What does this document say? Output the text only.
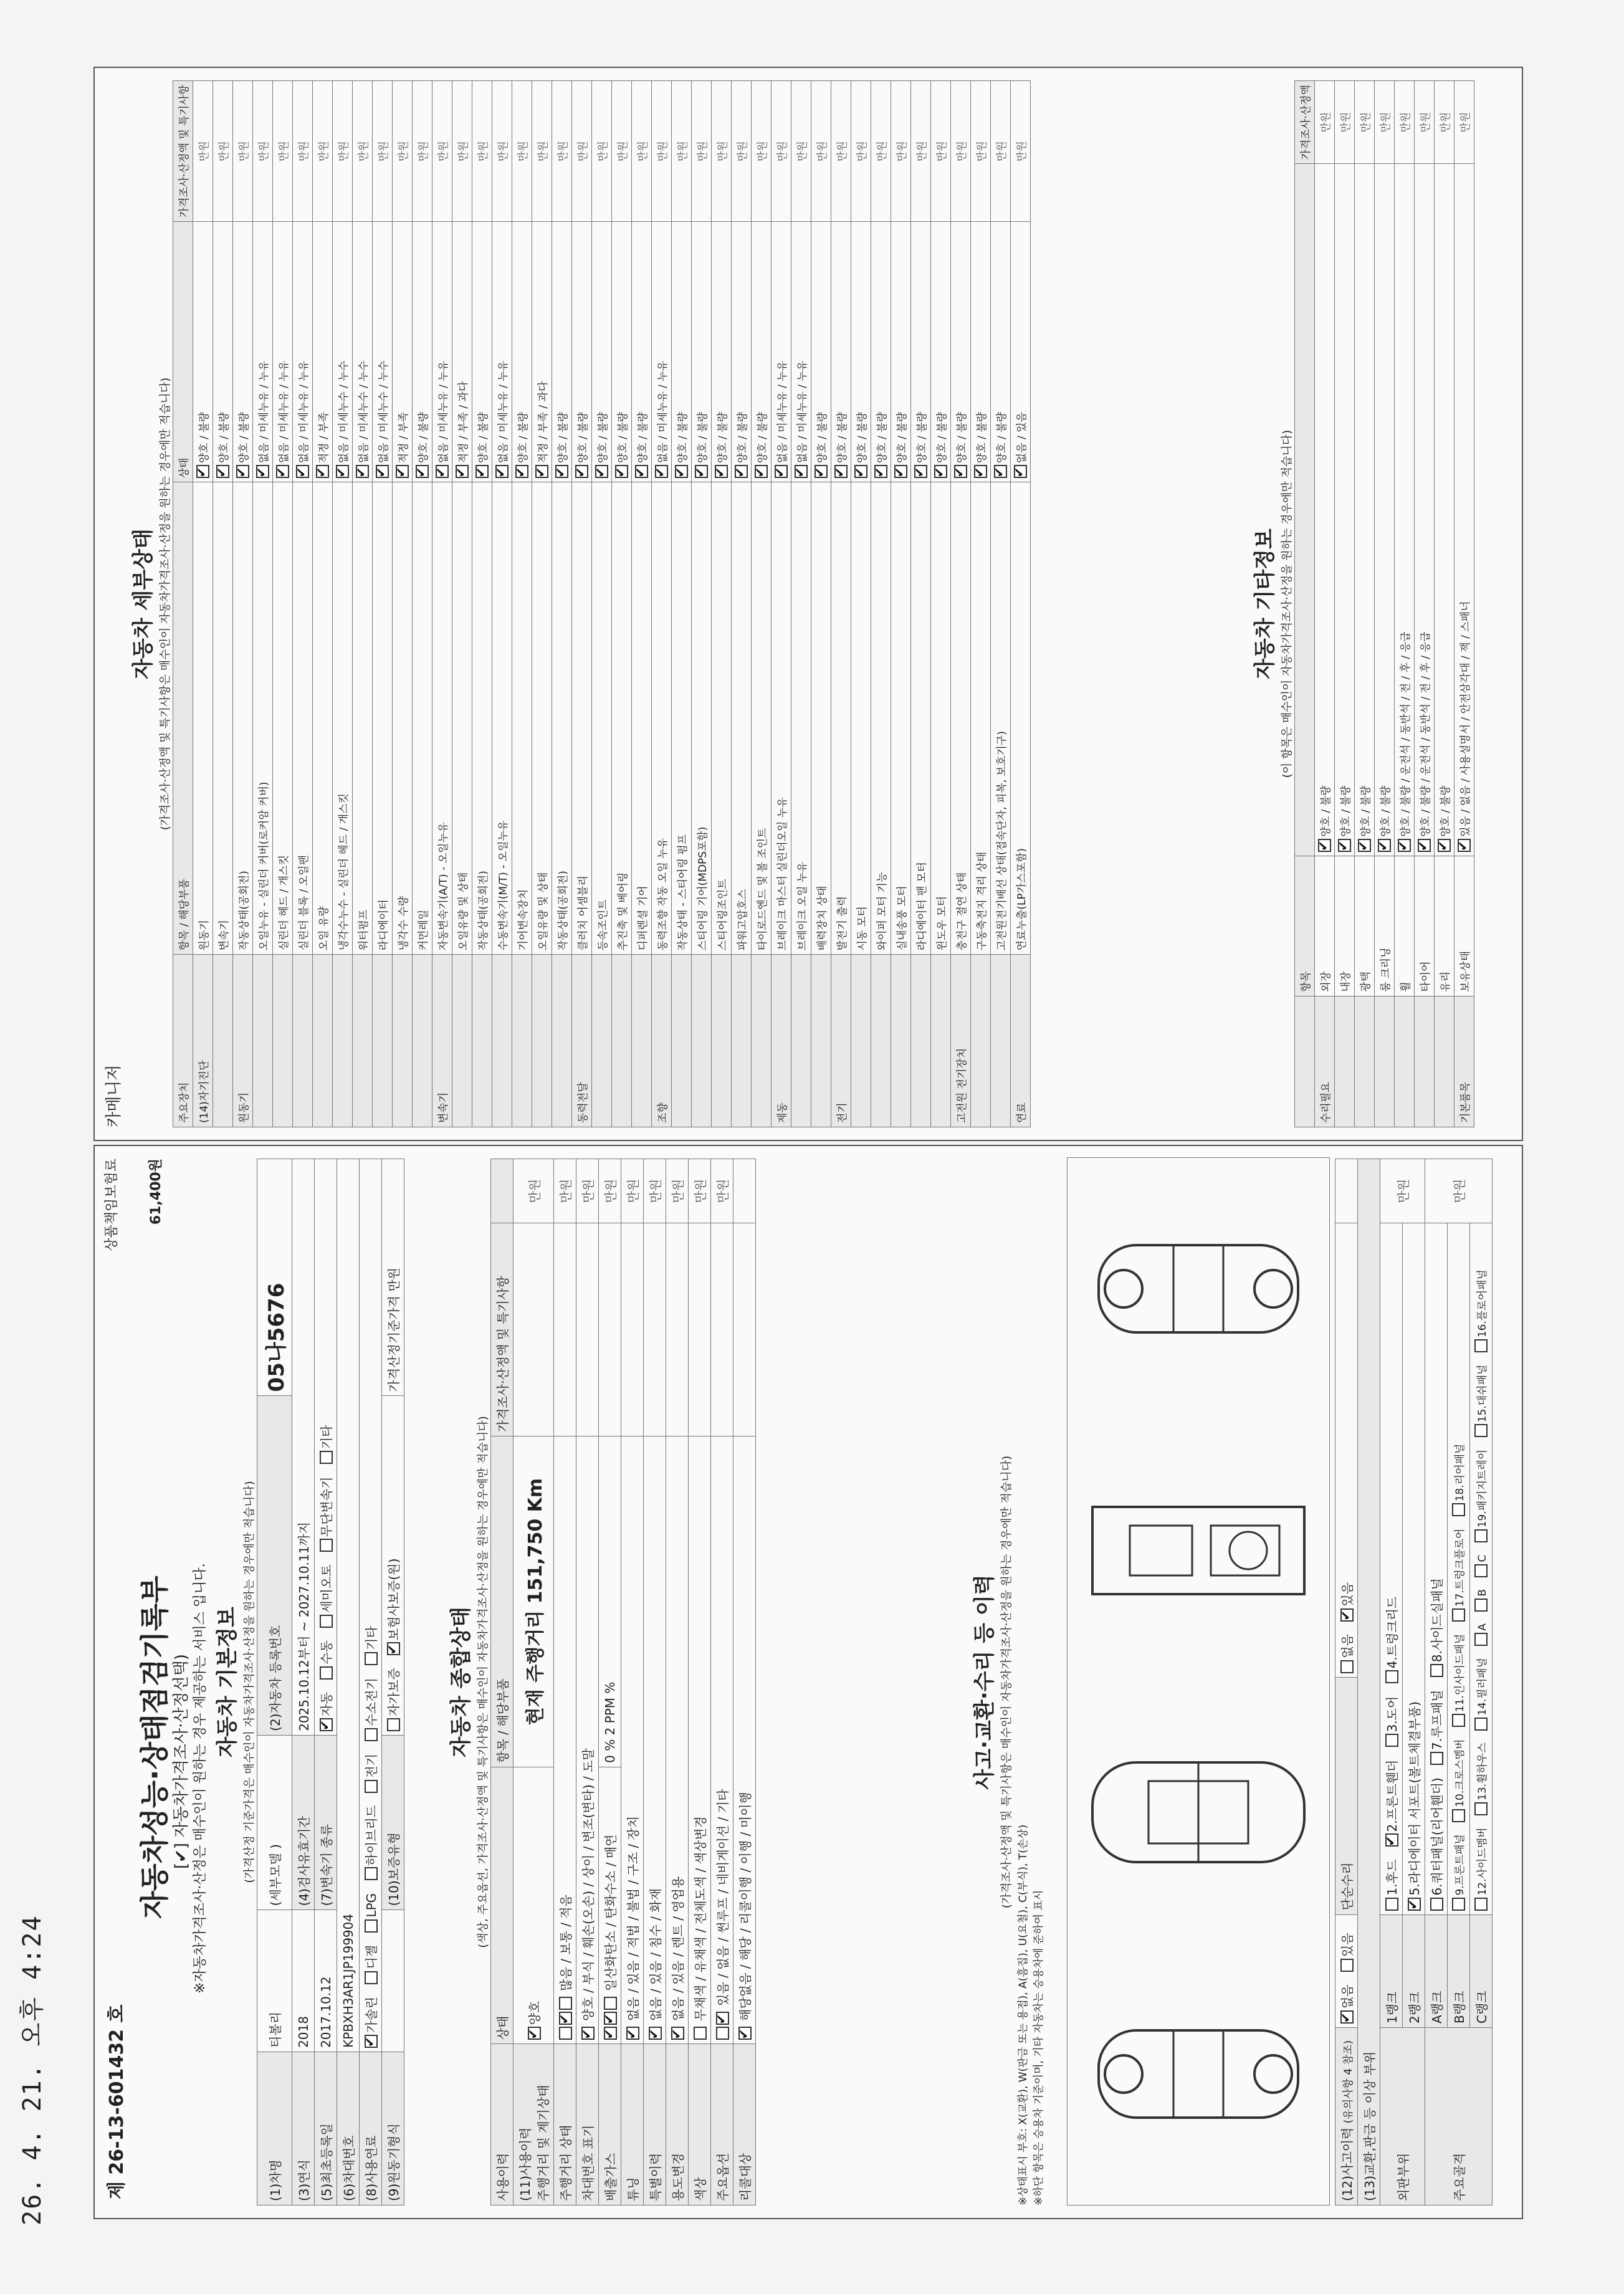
26. 4. 21. 오후 4:24	제 26-13-601432 호
자동차성능·상태점검기록부 [✔] 자동차가격조사·산정선택) ※자동차가격조사·산정은 매수인이 원하는 경우 제공하는 서비스 입니다.
상품책임보험료 61,400원
자동차 기본정보 (가격산정 기준가격은 매수인이 자동차가격조사·산정을 원하는 경우에만 적습니다)
(1)차명	티볼리	(세부모델 )	(2)자동차 등록번호	05나5676
(3)연식	2018	(4)검사유효기간	2025.10.12부터 ~ 2027.10.11까지	
(5)최초등록일	2017.10.12	(7)변속기 종류	✔자동 수동 세미오토 무단변속기 기타
(6)차대번호	KPBXH3AR1JP199904			
(8)사용연료	✔가솔린 디젤 LPG 하이브리드 전기 수소전기 기타
(9)원동기형식		(10)보증유형	자가보증 ✔보험사보증(원)	가격산정기준가격 만원
자동차 종합상태 (색상, 주요옵션, 가격조사·산정액 및 특기사항은 매수인이 자동차가격조사·산정을 원하는 경우에만 적습니다)
사용이력	상태	항목 / 해당부품	가격조사·산정액 및 특기사항	
(11)사용이력 주행거리 및 계기상태	✔양호	현재 주행거리 151,750 Km		만원
주행거리 상태	✔ 많음 / 보통 / 적음			만원
차대번호 표기	✔ 양호 / 부식 / 훼손(오손) / 상이 / 변조(변타) / 도말			만원
배출가스	✔✔ 일산화탄소 / 탄화수소 / 매연	0 % 2 PPM %		만원
튜닝	✔ 없음 / 있음 / 적법 / 불법 / 구조 / 장치			만원
특별이력	✔ 없음 / 있음 / 침수 / 화재			만원
용도변경	✔ 없음 / 있음 / 렌트 / 영업용			만원
색상	무채색 / 유채색 / 전체도색 / 색상변경			만원
주요옵션	✔ 있음 / 없음 / 썬루프 / 네비게이션 / 기타			만원
리콜대상	✔ 해당없음 / 해당 / 리콜이행 / 이행 / 미이행		
사고·교환·수리 등 이력 (가격조사·산정액 및 특기사항은 매수인이 자동차가격조사·산정을 원하는 경우에만 적습니다)
※상태표시 부호: X(교환), W(판금 또는 용접), A(흠집), U(요철), C(부식), T(손상) ※하단 항목은 승용차 기준이며, 기타 자동차는 승용차에 준하여 표시	(12)사고이력 (유의사항 4 참조)	✔없음 있음	단순수리	없음 ✔있음	
(13)교환,판금 등 이상 부위				
외판부위	1랭크	1.후드 ✔2.프론트휀더 3.도어 4.트렁크리드		만원
	2랭크	✔5.라디에이터 서포트(볼트체결부품)
주요골격	A랭크	6.쿼터패널(리어휀더) 7.루프패널 8.사이드실패널		만원
	B랭크	9.프론트패널 10.크로스멤버 11.인사이드패널 17.트렁크플로어 18.리어패널		
	C랭크	12.사이드멤버 13.휠하우스 14.필러패널 A B C 19.패키지트레이 15.대쉬패널 16.플로어패널		
카메니저
자동차 세부상태 (가격조사·산정액 및 특기사항은 매수인이 자동차가격조사·산정을 원하는 경우에만 적습니다)
주요장치	항목 / 해당부품	상태	가격조사·산정액 및 특기사항
(14)자기진단	원동기	✔양호 / 불량	만원
	변속기	✔양호 / 불량	만원
원동기	작동상태(공회전)	✔양호 / 불량	만원
	오일누유 - 실린더 커버(로커암 커버)	✔없음 / 미세누유 / 누유	만원
	실린더 헤드 / 개스킷	✔없음 / 미세누유 / 누유	만원
	실린더 블록 / 오일팬	✔없음 / 미세누유 / 누유	만원
	오일 유량	✔적정 / 부족	만원
	냉각수누수 - 실린더 헤드 / 개스킷	✔없음 / 미세누수 / 누수	만원
	워터펌프	✔없음 / 미세누수 / 누수	만원
	라디에이터	✔없음 / 미세누수 / 누수	만원
	냉각수 수량	✔적정 / 부족	만원
	커먼레일	✔양호 / 불량	만원
변속기	자동변속기(A/T) - 오일누유	✔없음 / 미세누유 / 누유	만원
	오일유량 및 상태	✔적정 / 부족 / 과다	만원
	작동상태(공회전)	✔양호 / 불량	만원
	수동변속기(M/T) - 오일누유	✔없음 / 미세누유 / 누유	만원
	기어변속장치	✔양호 / 불량	만원
	오일유량 및 상태	✔적정 / 부족 / 과다	만원
	작동상태(공회전)	✔양호 / 불량	만원
동력전달	클러치 어셈블리	✔양호 / 불량	만원
	등속조인트	✔양호 / 불량	만원
	추진축 및 베어링	✔양호 / 불량	만원
	디퍼렌셜 기어	✔양호 / 불량	만원
조향	동력조향 작동 오일 누유	✔없음 / 미세누유 / 누유	만원
	작동상태 - 스티어링 펌프	✔양호 / 불량	만원
	스티어링 기어(MDPS포함)	✔양호 / 불량	만원
	스티어링조인트	✔양호 / 불량	만원
	파워고압호스	✔양호 / 불량	만원
	타이로드엔드 및 볼 조인트	✔양호 / 불량	만원
제동	브레이크 마스터 실린더오일 누유	✔없음 / 미세누유 / 누유	만원
	브레이크 오일 누유	✔없음 / 미세누유 / 누유	만원
	배력장치 상태	✔양호 / 불량	만원
전기	발전기 출력	✔양호 / 불량	만원
	시동 모터	✔양호 / 불량	만원
	와이퍼 모터 기능	✔양호 / 불량	만원
	실내송풍 모터	✔양호 / 불량	만원
	라디에이터 팬 모터	✔양호 / 불량	만원
	윈도우 모터	✔양호 / 불량	만원
고전원 전기장치	충전구 절연 상태	✔양호 / 불량	만원
	구동축전지 격리 상태	✔양호 / 불량	만원
	고전원전기배선 상태(접속단자, 피복, 보호기구)	✔양호 / 불량	만원
연료	연료누출(LP가스포함)	✔없음 / 있음	만원
자동차 기타정보 (이 항목은 매수인이 자동차가격조사·산정을 원하는 경우에만 적습니다)
	항목		가격조사·산정액
수리필요	외장	✔양호 / 불량	만원
	내장	✔양호 / 불량	만원
	광택	✔양호 / 불량	만원
	룸 크리닝	✔양호 / 불량	만원
	휠	✔양호 / 불량 / 운전석 / 동반석 / 전 / 후 / 응급	만원
	타이어	✔양호 / 불량 / 운전석 / 동반석 / 전 / 후 / 응급	만원
	유리	✔양호 / 불량	만원
기본품목	보유상태	✔있음 / 없음 / 사용설명서 / 안전삼각대 / 잭 / 스패너	만원
